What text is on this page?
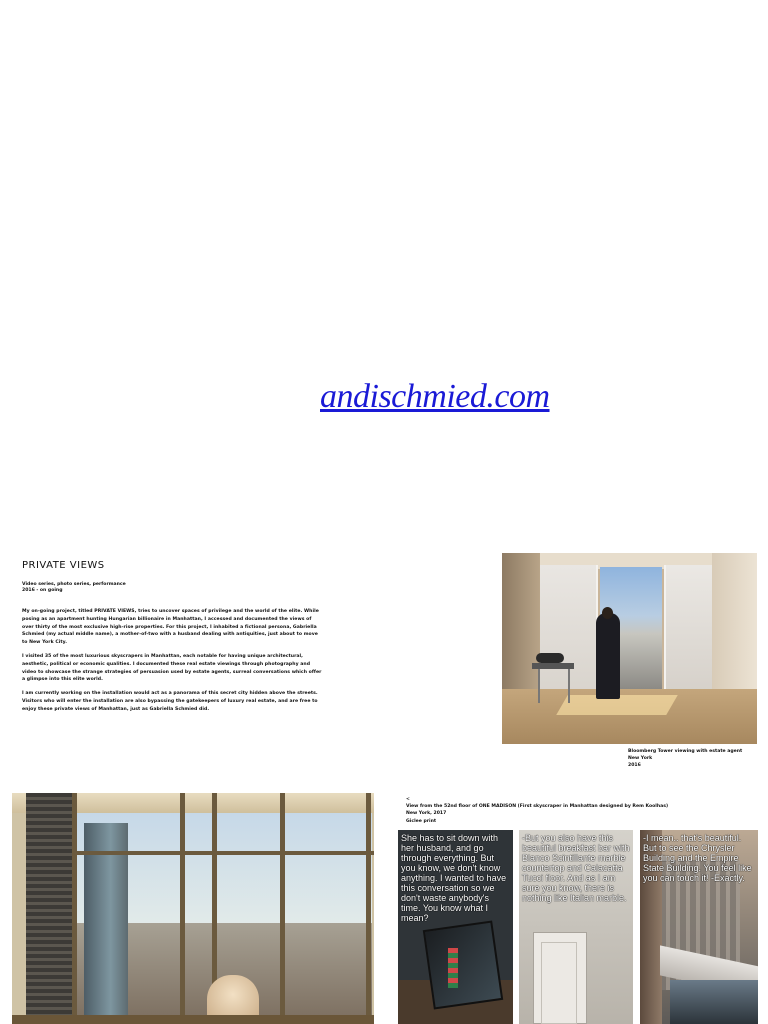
andischmied.com
PRIVATE VIEWS
Video series, photo series, performance
2016 - on going

My on-going project, titled PRIVATE VIEWS, tries to uncover spaces of privilege and the world of the elite. While posing as an apartment hunting Hungarian billionaire in Manhattan, I accessed and documented the views of over thirty of the most exclusive high-rise properties. For this project, I inhabited a fictional persona, Gabriella Schmied (my actual middle name), a mother-of-two with a husband dealing with antiquities, just about to move to New York City.

I visited 35 of the most luxurious skyscrapers in Manhattan, each notable for having unique architectural, aesthetic, political or economic qualities. I documented these real estate viewings through photography and video to showcase the strange strategies of persuasion used by estate agents, surreal conversations which offer a glimpse into this elite world.

I am currently working on the installation would act as a panorama of this secret city hidden above the streets. Visitors who will enter the installation are also bypassing the gatekeepers of luxury real estate, and are free to enjoy these private views of Manhattan, just as Gabriella Schmied did.

Bloomberg Tower viewing with estate agent
New York
2016
<
View from the 52nd floor of ONE MADISON (First skyscraper in Manhattan designed by Rem Koolhas)
New York, 2017
Giclee print
She has to sit down with her husband, and go through everything. But you know, we don't know anything. I wanted to have this conversation so we don't waste anybody's time. You know what I mean?
-But you also have this beautiful breakfast bar with Blanco Scintillante marble countertop and Calacatta Tucci floor. And as I am sure you know, there is nothing like Italian marble.
-I mean.. that's beautiful. But to see the Chrysler Building and the Empire State Building. You feel like you can touch it! -Exactly.
